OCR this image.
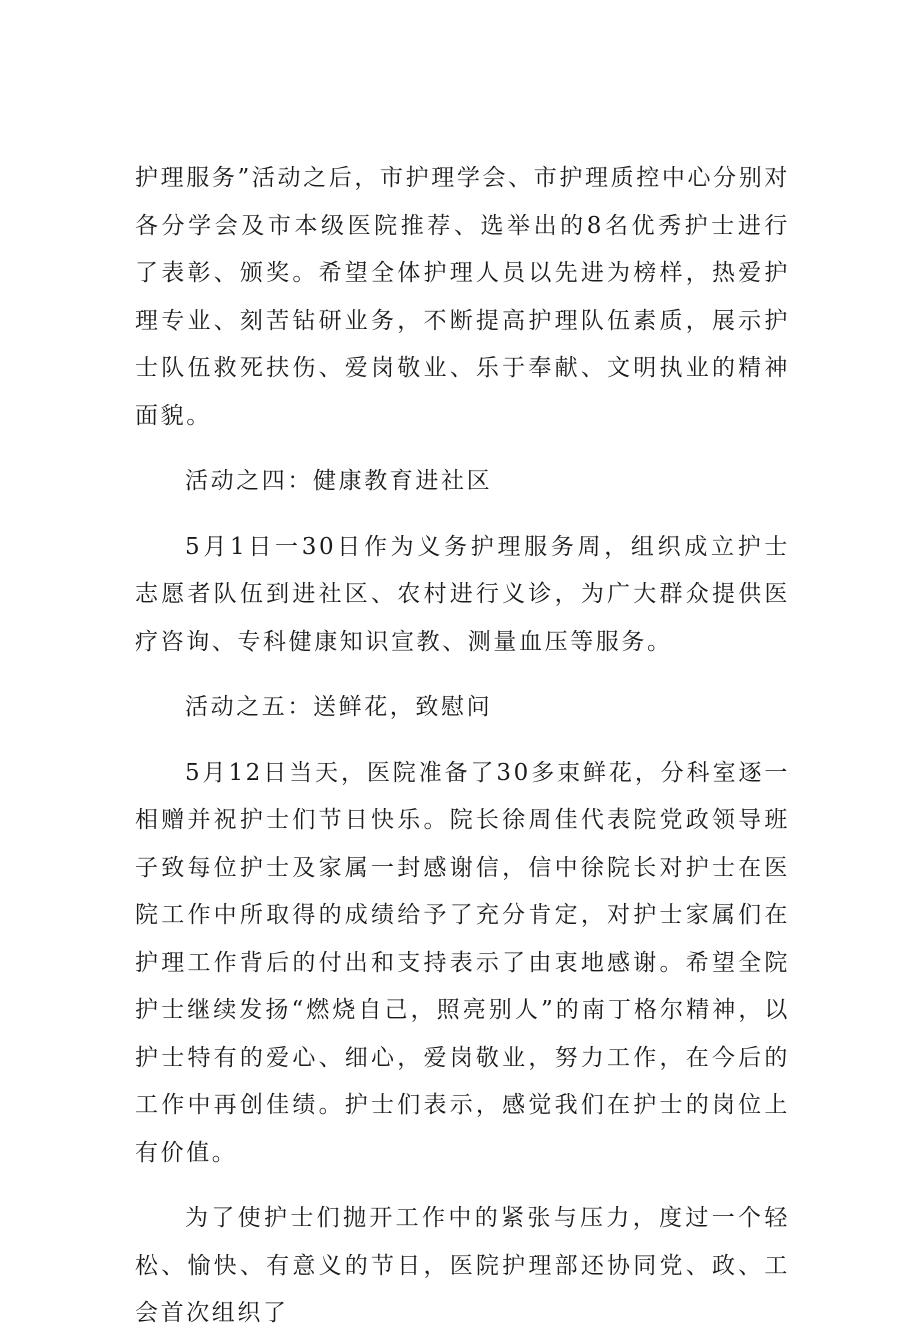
护理服务”活动之后，市护理学会、市护理质控中心分别对各分学会及市本级医院推荐、选举出的8名优秀护士进行了表彰、颁奖。希望全体护理人员以先进为榜样，热爱护理专业、刻苦钻研业务，不断提高护理队伍素质，展示护士队伍救死扶伤、爱岗敬业、乐于奉献、文明执业的精神面貌。

活动之四：健康教育进社区

5月1日一30日作为义务护理服务周，组织成立护士志愿者队伍到进社区、农村进行义诊，为广大群众提供医疗咨询、专科健康知识宣教、测量血压等服务。

活动之五：送鲜花，致慰问

5月12日当天，医院准备了30多束鲜花，分科室逐一相赠并祝护士们节日快乐。院长徐周佳代表院党政领导班子致每位护士及家属一封感谢信，信中徐院长对护士在医院工作中所取得的成绩给予了充分肯定，对护士家属们在护理工作背后的付出和支持表示了由衷地感谢。希望全院护士继续发扬“燃烧自己，照亮别人”的南丁格尔精神，以护士特有的爱心、细心，爱岗敬业，努力工作，在今后的工作中再创佳绩。护士们表示，感觉我们在护士的岗位上有价值。

为了使护士们抛开工作中的紧张与压力，度过一个轻松、愉快、有意义的节日，医院护理部还协同党、政、工会首次组织了
